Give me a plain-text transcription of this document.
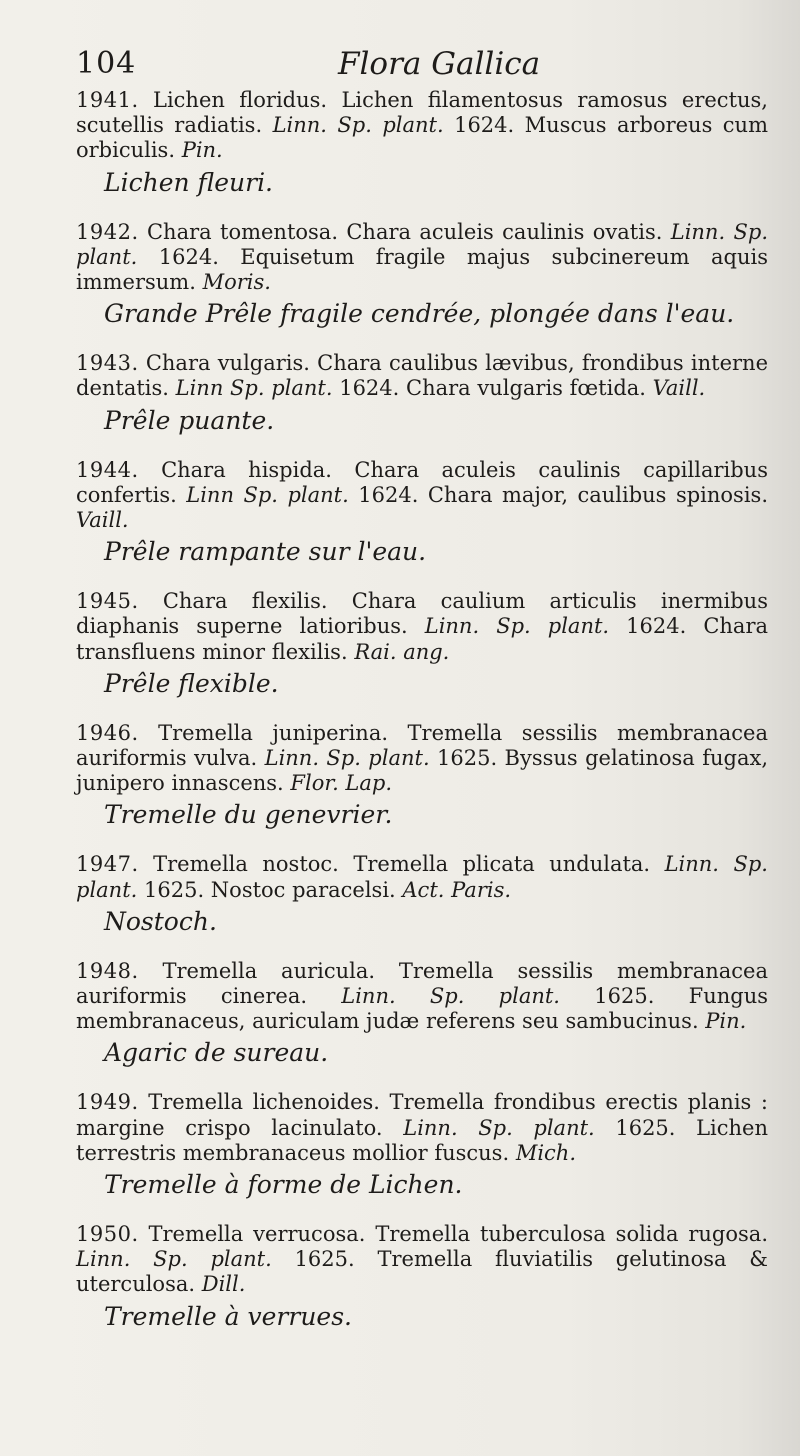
104	Flora Gallica

1941. Lichen floridus. Lichen filamentosus ramosus erectus, scutellis radiatis. Linn. Sp. plant. 1624. Muscus arboreus cum orbiculis. Pin.

Lichen fleuri.

1942. Chara tomentosa. Chara aculeis caulinis ovatis. Linn. Sp. plant. 1624. Equisetum fragile majus subcinereum aquis immersum. Moris.

Grande Prêle fragile cendrée, plongée dans l'eau.

1943. Chara vulgaris. Chara caulibus lævibus, frondibus interne dentatis. Linn Sp. plant. 1624. Chara vulgaris fœtida. Vaill.

Prêle puante.

1944. Chara hispida. Chara aculeis caulinis capillaribus confertis. Linn Sp. plant. 1624. Chara major, caulibus spinosis. Vaill.

Prêle rampante sur l'eau.

1945. Chara flexilis. Chara caulium articulis inermibus diaphanis superne latioribus. Linn. Sp. plant. 1624. Chara transfluens minor flexilis. Rai. ang.

Prêle flexible.

1946. Tremella juniperina. Tremella sessilis membranacea auriformis vulva. Linn. Sp. plant. 1625. Byssus gelatinosa fugax, junipero innascens. Flor. Lap.

Tremelle du genevrier.

1947. Tremella nostoc. Tremella plicata undulata. Linn. Sp. plant. 1625. Nostoc paracelsi. Act. Paris.

Nostoch.

1948. Tremella auricula. Tremella sessilis membranacea auriformis cinerea. Linn. Sp. plant. 1625. Fungus membranaceus, auriculam judæ referens seu sambucinus. Pin.

Agaric de sureau.

1949. Tremella lichenoides. Tremella frondibus erectis planis : margine crispo lacinulato. Linn. Sp. plant. 1625. Lichen terrestris membranaceus mollior fuscus. Mich.

Tremelle à forme de Lichen.

1950. Tremella verrucosa. Tremella tuberculosa solida rugosa. Linn. Sp. plant. 1625. Tremella fluviatilis gelutinosa & uterculosa. Dill.

Tremelle à verrues.
